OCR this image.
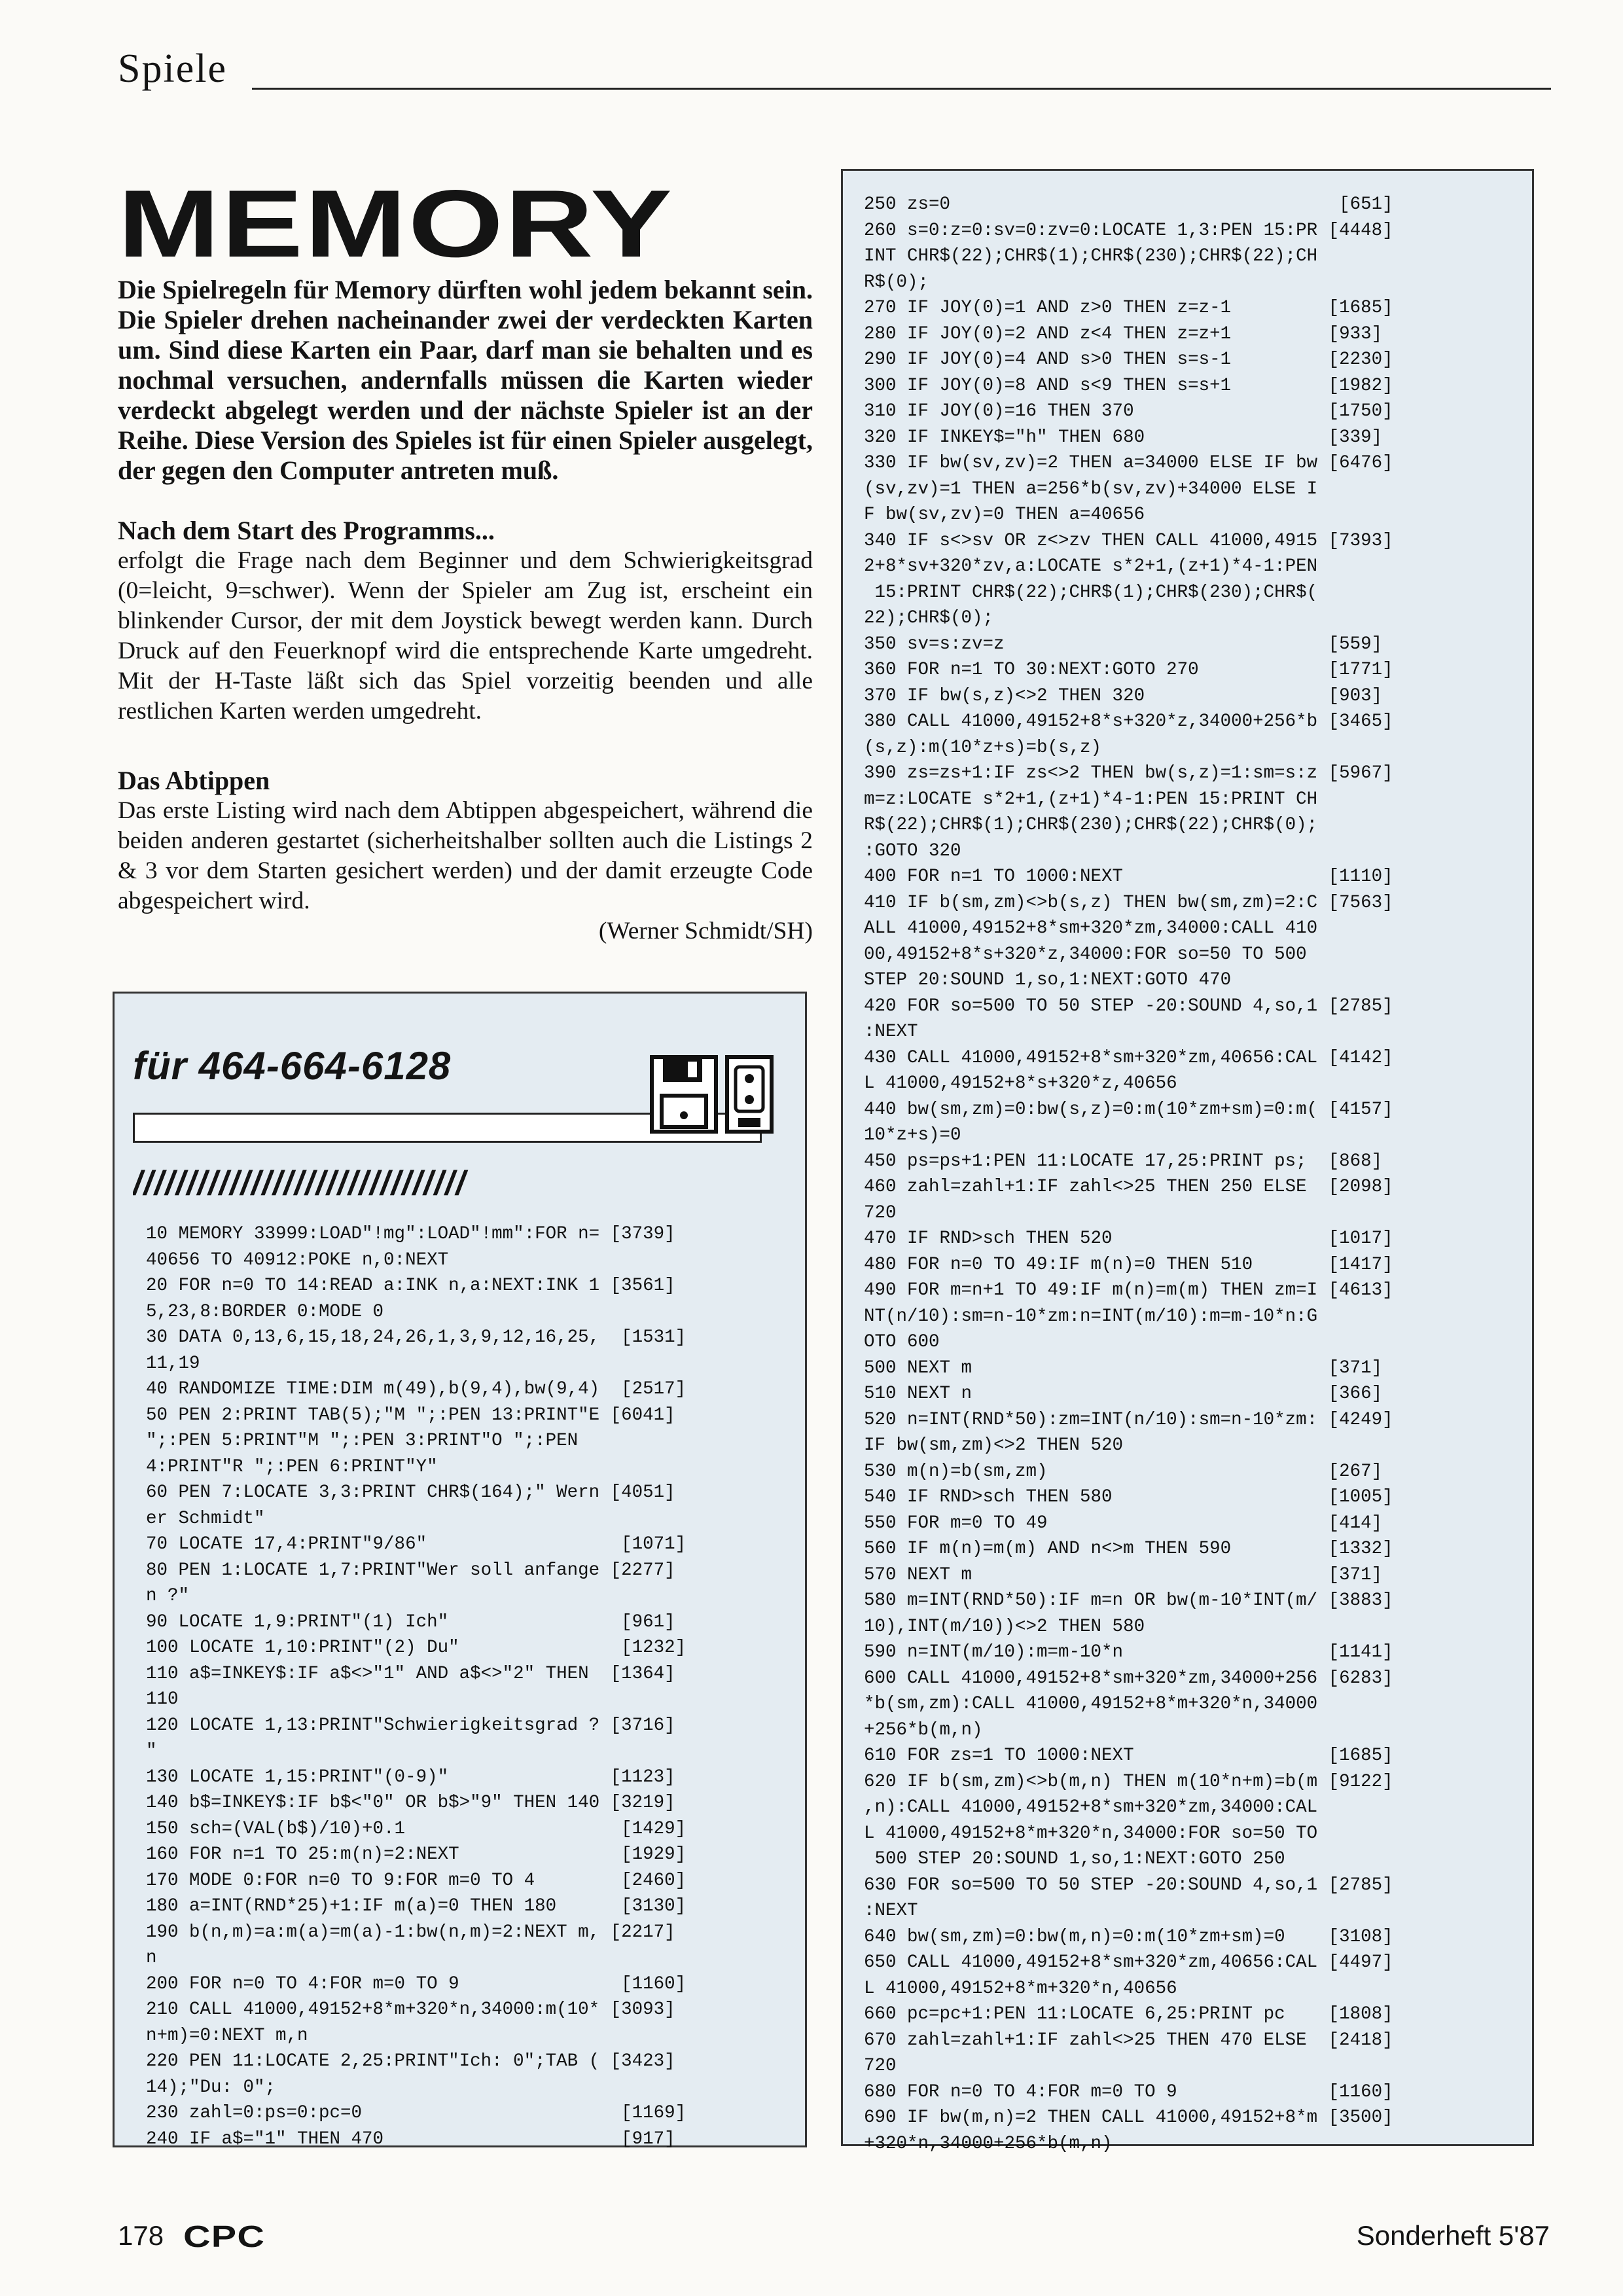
Spiele
MEMORY
Die Spielregeln für Memory dürften wohl jedem bekannt sein. Die Spieler drehen nacheinander zwei der verdeckten Karten um. Sind diese Karten ein Paar, darf man sie behalten und es nochmal versuchen, andernfalls müssen die Karten wieder verdeckt abgelegt werden und der nächste Spieler ist an der Reihe. Diese Version des Spieles ist für einen Spieler ausgelegt, der gegen den Computer antreten muß.
Nach dem Start des Programms...
erfolgt die Frage nach dem Beginner und dem Schwierigkeitsgrad (0=leicht, 9=schwer). Wenn der Spieler am Zug ist, erscheint ein blinkender Cursor, der mit dem Joystick bewegt werden kann. Durch Druck auf den Feuerknopf wird die entsprechende Karte umgedreht. Mit der H-Taste läßt sich das Spiel vorzeitig beenden und alle restlichen Karten werden umgedreht.
Das Abtippen
Das erste Listing wird nach dem Abtippen abgespeichert, während die beiden anderen gestartet (sicherheitshalber sollten auch die Listings 2 & 3 vor dem Starten gesichert werden) und der damit erzeugte Code abgespeichert wird.
(Werner Schmidt/SH)
für 464-664-6128
///////////////////////////////
10 MEMORY 33999:LOAD"!mg":LOAD"!mm":FOR n= [3739]
40656 TO 40912:POKE n,0:NEXT
20 FOR n=0 TO 14:READ a:INK n,a:NEXT:INK 1 [3561]
5,23,8:BORDER 0:MODE 0
30 DATA 0,13,6,15,18,24,26,1,3,9,12,16,25,  [1531]
11,19
40 RANDOMIZE TIME:DIM m(49),b(9,4),bw(9,4)  [2517]
50 PEN 2:PRINT TAB(5);"M ";:PEN 13:PRINT"E [6041]
";:PEN 5:PRINT"M ";:PEN 3:PRINT"O ";:PEN
4:PRINT"R ";:PEN 6:PRINT"Y"
60 PEN 7:LOCATE 3,3:PRINT CHR$(164);" Wern [4051]
er Schmidt"
70 LOCATE 17,4:PRINT"9/86"                  [1071]
80 PEN 1:LOCATE 1,7:PRINT"Wer soll anfange [2277]
n ?"
90 LOCATE 1,9:PRINT"(1) Ich"                [961]
100 LOCATE 1,10:PRINT"(2) Du"               [1232]
110 a$=INKEY$:IF a$<>"1" AND a$<>"2" THEN  [1364]
110
120 LOCATE 1,13:PRINT"Schwierigkeitsgrad ? [3716]
"
130 LOCATE 1,15:PRINT"(0-9)"               [1123]
140 b$=INKEY$:IF b$<"0" OR b$>"9" THEN 140 [3219]
150 sch=(VAL(b$)/10)+0.1                    [1429]
160 FOR n=1 TO 25:m(n)=2:NEXT               [1929]
170 MODE 0:FOR n=0 TO 9:FOR m=0 TO 4        [2460]
180 a=INT(RND*25)+1:IF m(a)=0 THEN 180      [3130]
190 b(n,m)=a:m(a)=m(a)-1:bw(n,m)=2:NEXT m, [2217]
n
200 FOR n=0 TO 4:FOR m=0 TO 9               [1160]
210 CALL 41000,49152+8*m+320*n,34000:m(10* [3093]
n+m)=0:NEXT m,n
220 PEN 11:LOCATE 2,25:PRINT"Ich: 0";TAB ( [3423]
14);"Du: 0";
230 zahl=0:ps=0:pc=0                        [1169]
240 IF a$="1" THEN 470                      [917]
250 zs=0                                    [651]
260 s=0:z=0:sv=0:zv=0:LOCATE 1,3:PEN 15:PR [4448]
INT CHR$(22);CHR$(1);CHR$(230);CHR$(22);CH
R$(0);
270 IF JOY(0)=1 AND z>0 THEN z=z-1         [1685]
280 IF JOY(0)=2 AND z<4 THEN z=z+1         [933]
290 IF JOY(0)=4 AND s>0 THEN s=s-1         [2230]
300 IF JOY(0)=8 AND s<9 THEN s=s+1         [1982]
310 IF JOY(0)=16 THEN 370                  [1750]
320 IF INKEY$="h" THEN 680                 [339]
330 IF bw(sv,zv)=2 THEN a=34000 ELSE IF bw [6476]
(sv,zv)=1 THEN a=256*b(sv,zv)+34000 ELSE I
F bw(sv,zv)=0 THEN a=40656
340 IF s<>sv OR z<>zv THEN CALL 41000,4915 [7393]
2+8*sv+320*zv,a:LOCATE s*2+1,(z+1)*4-1:PEN
15:PRINT CHR$(22);CHR$(1);CHR$(230);CHR$(
22);CHR$(0);
350 sv=s:zv=z                              [559]
360 FOR n=1 TO 30:NEXT:GOTO 270            [1771]
370 IF bw(s,z)<>2 THEN 320                 [903]
380 CALL 41000,49152+8*s+320*z,34000+256*b [3465]
(s,z):m(10*z+s)=b(s,z)
390 zs=zs+1:IF zs<>2 THEN bw(s,z)=1:sm=s:z [5967]
m=z:LOCATE s*2+1,(z+1)*4-1:PEN 15:PRINT CH
R$(22);CHR$(1);CHR$(230);CHR$(22);CHR$(0);
:GOTO 320
400 FOR n=1 TO 1000:NEXT                   [1110]
410 IF b(sm,zm)<>b(s,z) THEN bw(sm,zm)=2:C [7563]
ALL 41000,49152+8*sm+320*zm,34000:CALL 410
00,49152+8*s+320*z,34000:FOR so=50 TO 500
STEP 20:SOUND 1,so,1:NEXT:GOTO 470
420 FOR so=500 TO 50 STEP -20:SOUND 4,so,1 [2785]
:NEXT
430 CALL 41000,49152+8*sm+320*zm,40656:CAL [4142]
L 41000,49152+8*s+320*z,40656
440 bw(sm,zm)=0:bw(s,z)=0:m(10*zm+sm)=0:m( [4157]
10*z+s)=0
450 ps=ps+1:PEN 11:LOCATE 17,25:PRINT ps;  [868]
460 zahl=zahl+1:IF zahl<>25 THEN 250 ELSE  [2098]
720
470 IF RND>sch THEN 520                    [1017]
480 FOR n=0 TO 49:IF m(n)=0 THEN 510       [1417]
490 FOR m=n+1 TO 49:IF m(n)=m(m) THEN zm=I [4613]
NT(n/10):sm=n-10*zm:n=INT(m/10):m=m-10*n:G
OTO 600
500 NEXT m                                 [371]
510 NEXT n                                 [366]
520 n=INT(RND*50):zm=INT(n/10):sm=n-10*zm: [4249]
IF bw(sm,zm)<>2 THEN 520
530 m(n)=b(sm,zm)                          [267]
540 IF RND>sch THEN 580                    [1005]
550 FOR m=0 TO 49                          [414]
560 IF m(n)=m(m) AND n<>m THEN 590         [1332]
570 NEXT m                                 [371]
580 m=INT(RND*50):IF m=n OR bw(m-10*INT(m/ [3883]
10),INT(m/10))<>2 THEN 580
590 n=INT(m/10):m=m-10*n                   [1141]
600 CALL 41000,49152+8*sm+320*zm,34000+256 [6283]
*b(sm,zm):CALL 41000,49152+8*m+320*n,34000
+256*b(m,n)
610 FOR zs=1 TO 1000:NEXT                  [1685]
620 IF b(sm,zm)<>b(m,n) THEN m(10*n+m)=b(m [9122]
,n):CALL 41000,49152+8*sm+320*zm,34000:CAL
L 41000,49152+8*m+320*n,34000:FOR so=50 TO
500 STEP 20:SOUND 1,so,1:NEXT:GOTO 250
630 FOR so=500 TO 50 STEP -20:SOUND 4,so,1 [2785]
:NEXT
640 bw(sm,zm)=0:bw(m,n)=0:m(10*zm+sm)=0    [3108]
650 CALL 41000,49152+8*sm+320*zm,40656:CAL [4497]
L 41000,49152+8*m+320*n,40656
660 pc=pc+1:PEN 11:LOCATE 6,25:PRINT pc    [1808]
670 zahl=zahl+1:IF zahl<>25 THEN 470 ELSE  [2418]
720
680 FOR n=0 TO 4:FOR m=0 TO 9              [1160]
690 IF bw(m,n)=2 THEN CALL 41000,49152+8*m [3500]
+320*n,34000+256*b(m,n)
178 CPC	Sonderheft 5'87
